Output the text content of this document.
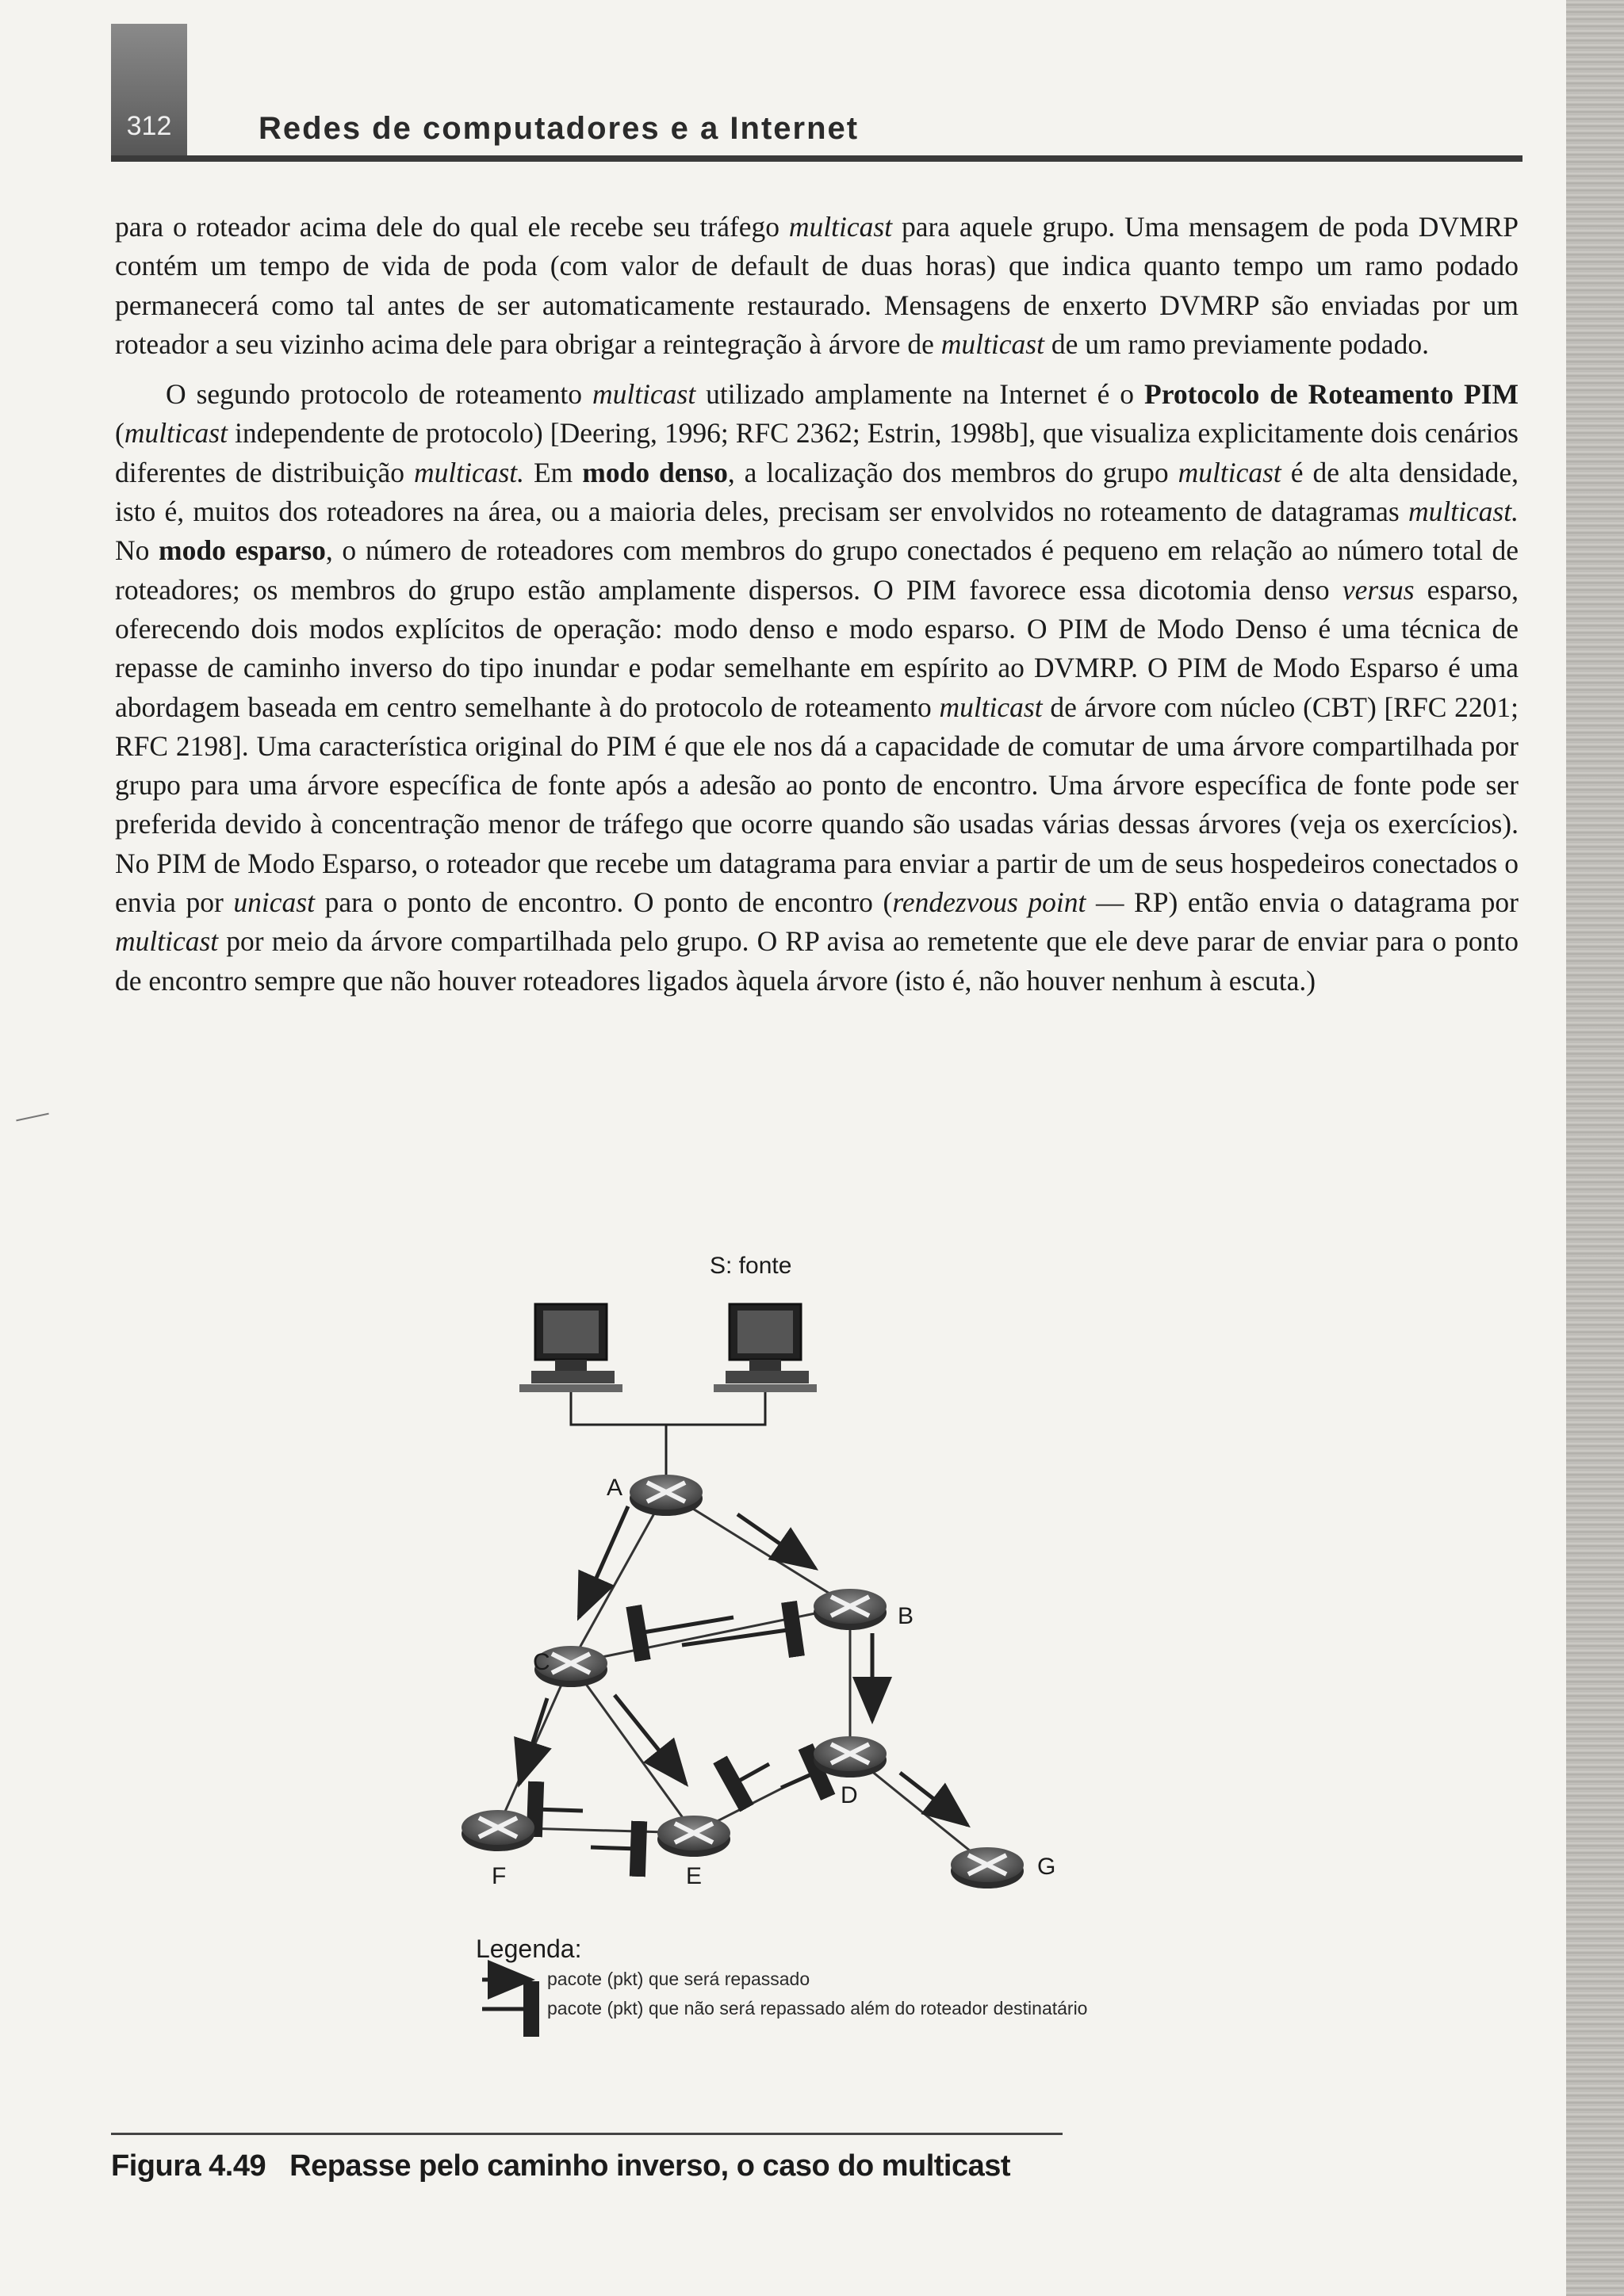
312	Redes de computadores e a Internet

para o roteador acima dele do qual ele recebe seu tráfego multicast para aquele grupo. Uma mensagem de poda DVMRP contém um tempo de vida de poda (com valor de default de duas horas) que indica quanto tempo um ramo podado permanecerá como tal antes de ser automaticamente restaurado. Mensagens de enxerto DVMRP são enviadas por um roteador a seu vizinho acima dele para obrigar a reintegração à árvore de multicast de um ramo previamente podado.

O segundo protocolo de roteamento multicast utilizado amplamente na Internet é o Protocolo de Roteamento PIM (multicast independente de protocolo) [Deering, 1996; RFC 2362; Estrin, 1998b], que visualiza explicitamente dois cenários diferentes de distribuição multicast. Em modo denso, a localização dos membros do grupo multicast é de alta densidade, isto é, muitos dos roteadores na área, ou a maioria deles, precisam ser envolvidos no roteamento de datagramas multicast. No modo esparso, o número de roteadores com membros do grupo conectados é pequeno em relação ao número total de roteadores; os membros do grupo estão amplamente dispersos. O PIM favorece essa dicotomia denso versus esparso, oferecendo dois modos explícitos de operação: modo denso e modo esparso. O PIM de Modo Denso é uma técnica de repasse de caminho inverso do tipo inundar e podar semelhante em espírito ao DVMRP. O PIM de Modo Esparso é uma abordagem baseada em centro semelhante à do protocolo de roteamento multicast de árvore com núcleo (CBT) [RFC 2201; RFC 2198]. Uma característica original do PIM é que ele nos dá a capacidade de comutar de uma árvore compartilhada por grupo para uma árvore específica de fonte após a adesão ao ponto de encontro. Uma árvore específica de fonte pode ser preferida devido à concentração menor de tráfego que ocorre quando são usadas várias dessas árvores (veja os exercícios). No PIM de Modo Esparso, o roteador que recebe um datagrama para enviar a partir de um de seus hospedeiros conectados o envia por unicast para o ponto de encontro. O ponto de encontro (rendezvous point — RP) então envia o datagrama por multicast por meio da árvore compartilhada pelo grupo. O RP avisa ao remetente que ele deve parar de enviar para o ponto de encontro sempre que não houver roteadores ligados àquela árvore (isto é, não houver nenhum à escuta.)

S: fonte
A
B
C
D
F	E	G
Legenda:
pacote (pkt) que será repassado
pacote (pkt) que não será repassado além do roteador destinatário
Figura 4.49 Repasse pelo caminho inverso, o caso do multicast
